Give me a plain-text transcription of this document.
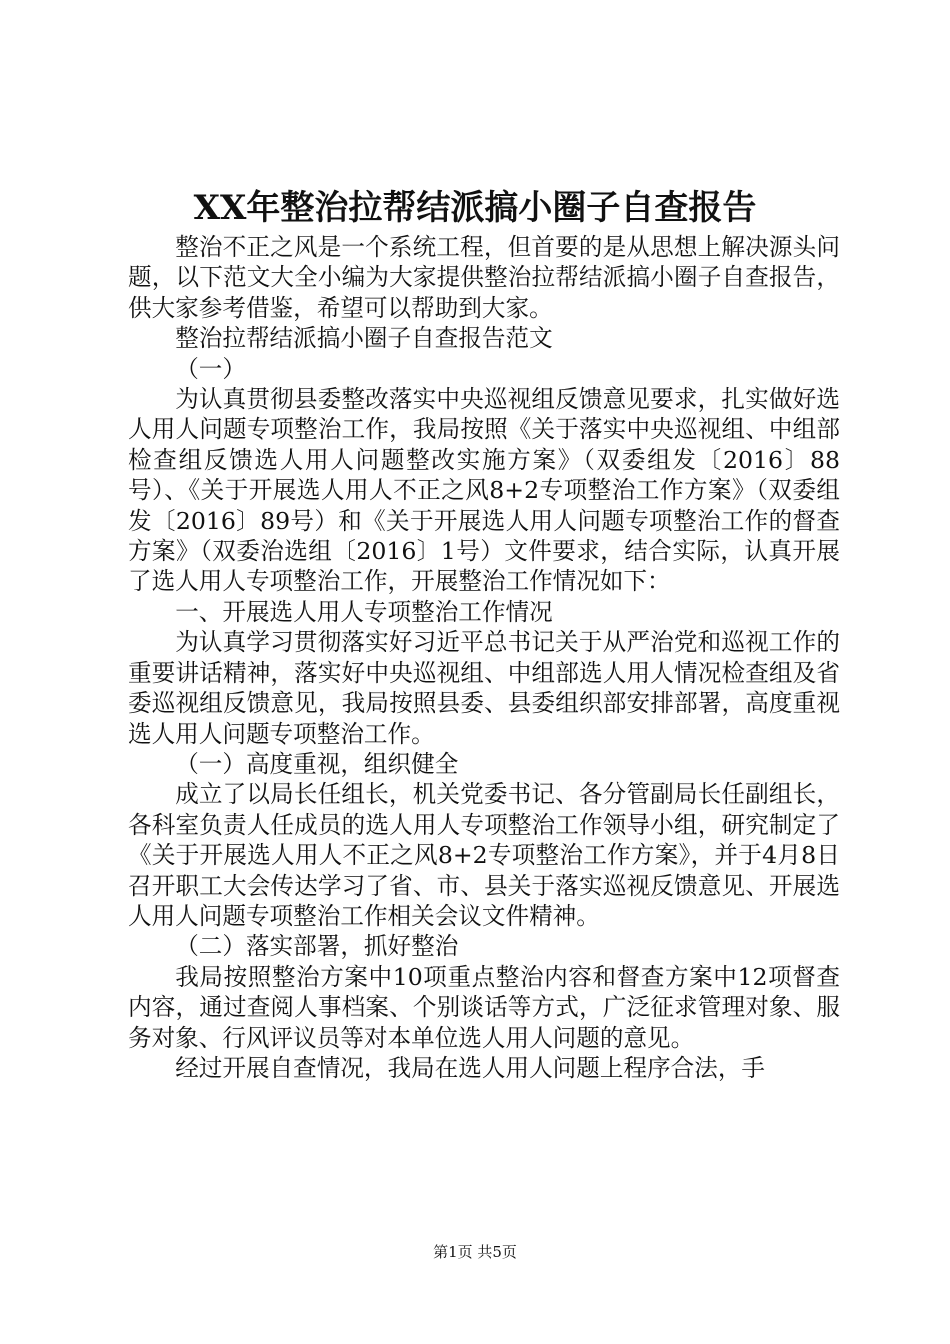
XX年整治拉帮结派搞小圈子自查报告

整治不正之风是一个系统工程，但首要的是从思想上解决源头问题，以下范文大全小编为大家提供整治拉帮结派搞小圈子自查报告，供大家参考借鉴，希望可以帮助到大家。

整治拉帮结派搞小圈子自查报告范文

（一）

为认真贯彻县委整改落实中央巡视组反馈意见要求，扎实做好选人用人问题专项整治工作，我局按照《关于落实中央巡视组、中组部检查组反馈选人用人问题整改实施方案》（双委组发〔2016〕88号）、《关于开展选人用人不正之风8+2专项整治工作方案》（双委组发〔2016〕89号）和《关于开展选人用人问题专项整治工作的督查方案》（双委治选组〔2016〕1号）文件要求，结合实际，认真开展了选人用人专项整治工作，开展整治工作情况如下：

一、开展选人用人专项整治工作情况

为认真学习贯彻落实好习近平总书记关于从严治党和巡视工作的重要讲话精神，落实好中央巡视组、中组部选人用人情况检查组及省委巡视组反馈意见，我局按照县委、县委组织部安排部署，高度重视选人用人问题专项整治工作。

（一）高度重视，组织健全

成立了以局长任组长，机关党委书记、各分管副局长任副组长，各科室负责人任成员的选人用人专项整治工作领导小组，研究制定了《关于开展选人用人不正之风8+2专项整治工作方案》，并于4月8日召开职工大会传达学习了省、市、县关于落实巡视反馈意见、开展选人用人问题专项整治工作相关会议文件精神。

（二）落实部署，抓好整治

我局按照整治方案中10项重点整治内容和督查方案中12项督查内容，通过查阅人事档案、个别谈话等方式，广泛征求管理对象、服务对象、行风评议员等对本单位选人用人问题的意见。

经过开展自查情况，我局在选人用人问题上程序合法，手

第1页 共5页
